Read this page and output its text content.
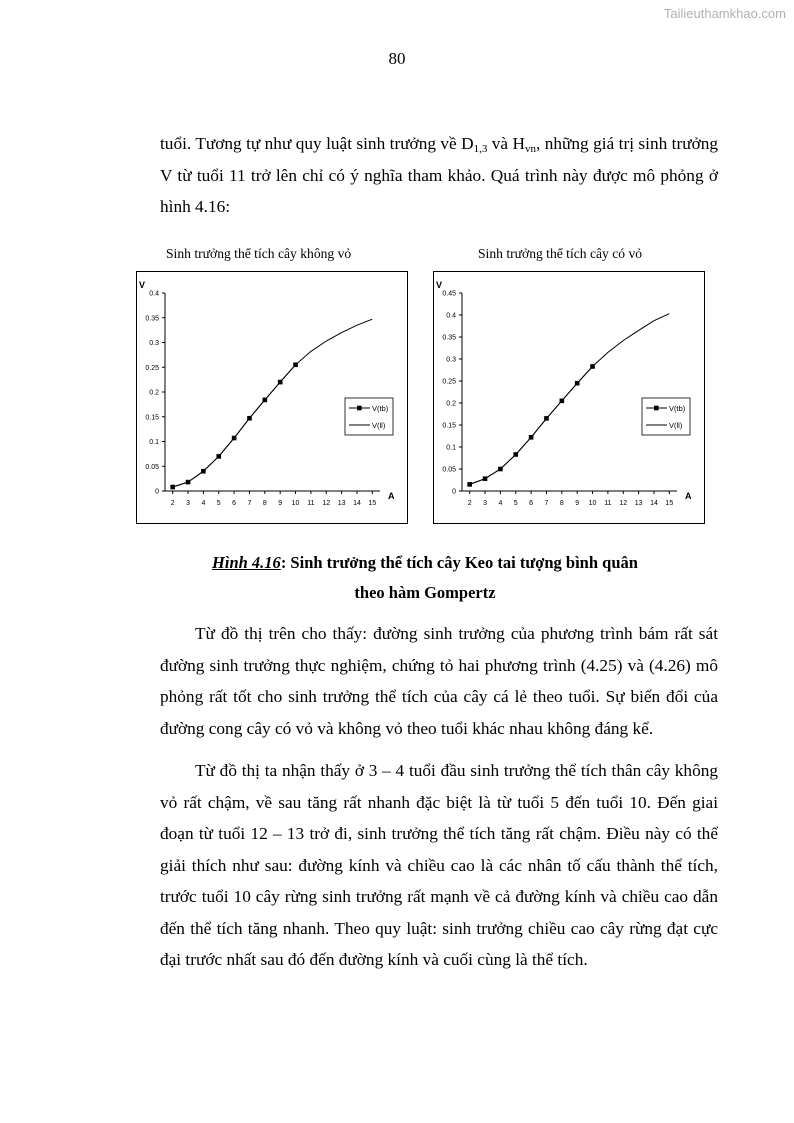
Tailieuthamkhao.com
80
tuổi. Tương tự như quy luật sinh trưởng về $D_{1,3}$ và $H_{vn}$, những giá trị sinh trưởng V từ tuổi 11 trở lên chỉ có ý nghĩa tham khảo. Quá trình này được mô phỏng ở hình 4.16:
Sinh trưởng thể tích cây không vỏ	Sinh trưởng thể tích cây có vỏ
0
0.05
0.1
0.15
0.2
0.25
0.3
0.35
0.4
2 3 4 5 6 7 8 9 10 11 12 13 14 15
V
A
V(tb)
V(ll)
0
0.05
0.1
0.15
0.2
0.25
0.3
0.35
0.4
0.45
2 3 4 5 6 7 8 9 10 11 12 13 14 15
V
A
V(tb)
V(ll)
Hình 4.16: Sinh trưởng thể tích cây Keo tai tượng bình quân
theo hàm Gompertz
Từ đồ thị trên cho thấy: đường sinh trưởng của phương trình bám rất sát đường sinh trưởng thực nghiệm, chứng tỏ hai phương trình (4.25) và (4.26) mô phỏng rất tốt cho sinh trưởng thể tích của cây cá lẻ theo tuổi. Sự biến đổi của đường cong cây có vỏ và không vỏ theo tuổi khác nhau không đáng kể.
Từ đồ thị ta nhận thấy ở 3 – 4 tuổi đầu sinh trưởng thể tích thân cây không vỏ rất chậm, về sau tăng rất nhanh đặc biệt là từ tuổi 5 đến tuổi 10. Đến giai đoạn từ tuổi 12 – 13 trở đi, sinh trưởng thể tích tăng rất chậm. Điều này có thể giải thích như sau: đường kính và chiều cao là các nhân tố cấu thành thể tích, trước tuổi 10 cây rừng sinh trưởng rất mạnh về cả đường kính và chiều cao dẫn đến thể tích tăng nhanh. Theo quy luật: sinh trưởng chiều cao cây rừng đạt cực đại trước nhất sau đó đến đường kính và cuối cùng là thể tích.
